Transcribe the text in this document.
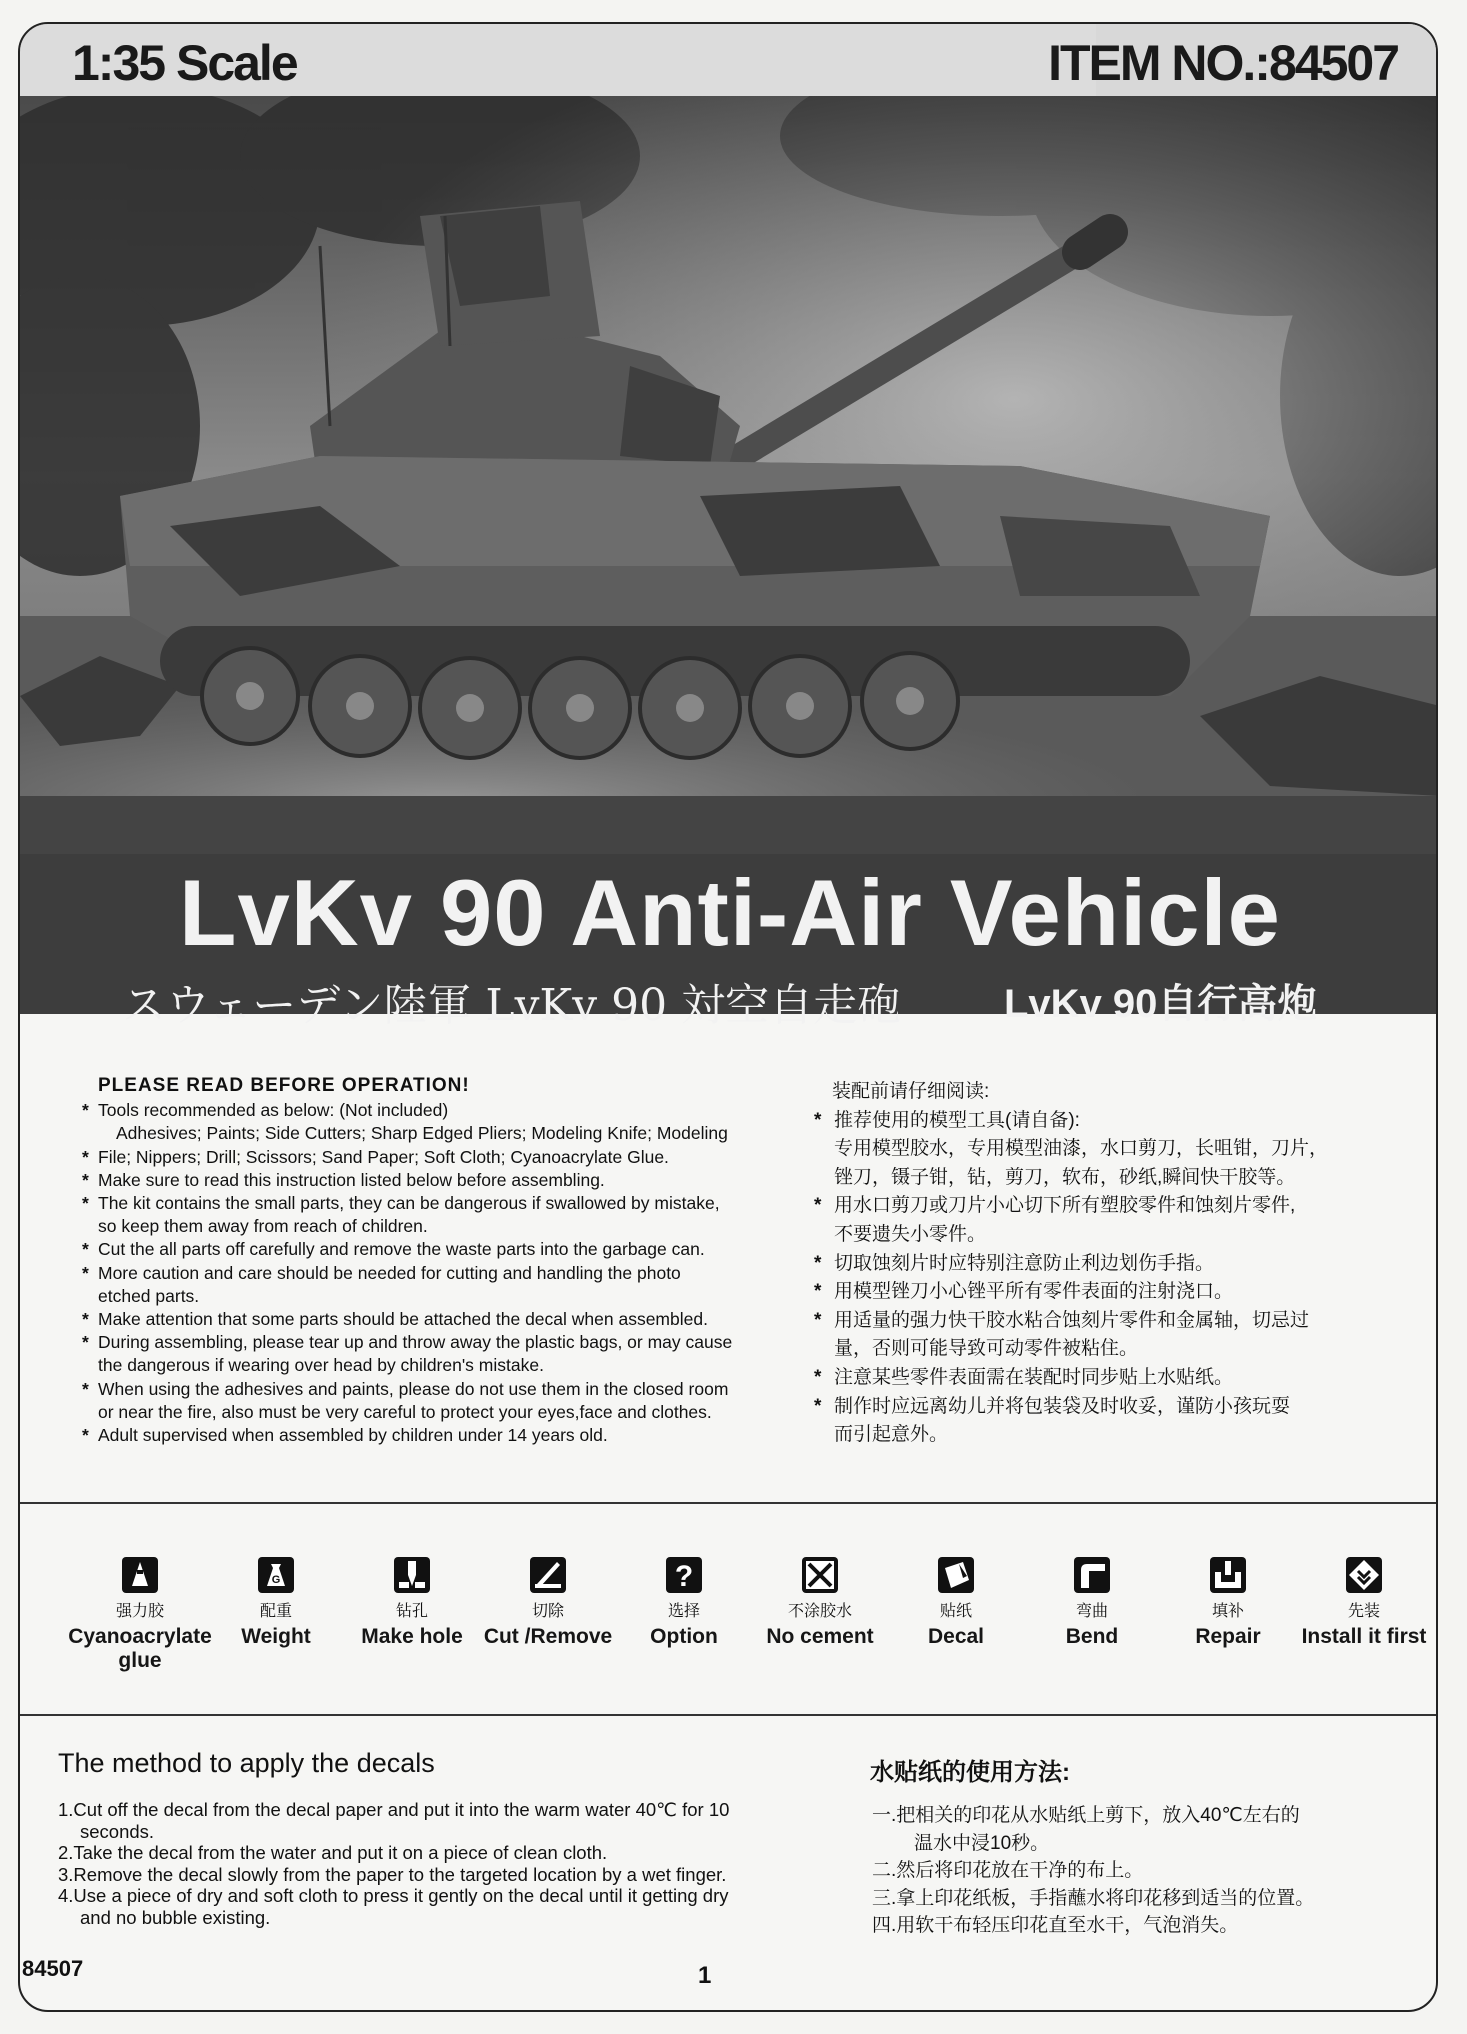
1:35 Scale	ITEM NO.:84507
LvKv 90 Anti-Air Vehicle
スウェーデン陸軍 LvKv 90 対空自走砲	LvKv 90自行高炮
PLEASE READ BEFORE OPERATION!
* Tools recommended as below: (Not included)
Adhesives; Paints; Side Cutters; Sharp Edged Pliers; Modeling Knife; Modeling
* File; Nippers; Drill; Scissors; Sand Paper; Soft Cloth; Cyanoacrylate Glue.
* Make sure to read this instruction listed below before assembling.
* The kit contains the small parts, they can be dangerous if swallowed by mistake,
so keep them away from reach of children.
* Cut the all parts off carefully and remove the waste parts into the garbage can.
* More caution and care should be needed for cutting and handling the photo
etched parts.
* Make attention that some parts should be attached the decal when assembled.
* During assembling, please tear up and throw away the plastic bags, or may cause
the dangerous if wearing over head by children's mistake.
* When using the adhesives and paints, please do not use them in the closed room
or near the fire, also must be very careful to protect your eyes,face and clothes.
* Adult supervised when assembled by children under 14 years old.
装配前请仔细阅读:
* 推荐使用的模型工具(请自备):
专用模型胶水，专用模型油漆，水口剪刀，长咀钳，刀片，
锉刀，镊子钳，钻，剪刀，软布，砂纸,瞬间快干胶等。
* 用水口剪刀或刀片小心切下所有塑胶零件和蚀刻片零件,
不要遗失小零件。
* 切取蚀刻片时应特别注意防止利边划伤手指。
* 用模型锉刀小心锉平所有零件表面的注射浇口。
* 用适量的强力快干胶水粘合蚀刻片零件和金属轴，切忌过
量，否则可能导致可动零件被粘住。
* 注意某些零件表面需在装配时同步贴上水贴纸。
* 制作时应远离幼儿并将包装袋及时收妥，谨防小孩玩耍
而引起意外。
强力胶
Cyanoacrylate glue
G
配重
Weight
钻孔
Make hole
切除
Cut /Remove
?
选择
Option
不涂胶水
No cement
贴纸
Decal
弯曲
Bend
填补
Repair
先装
Install it first
The method to apply the decals	水贴纸的使用方法:
1.Cut off the decal from the decal paper and put it into the warm water 40℃ for 10
seconds.
2.Take the decal from the water and put it on a piece of clean cloth.
3.Remove the decal slowly from the paper to the targeted location by a wet finger.
4.Use a piece of dry and soft cloth to press it gently on the decal until it getting dry
and no bubble existing.
一.把相关的印花从水贴纸上剪下，放入40℃左右的
温水中浸10秒。
二.然后将印花放在干净的布上。
三.拿上印花纸板，手指蘸水将印花移到适当的位置。
四.用软干布轻压印花直至水干，气泡消失。
84507	1
